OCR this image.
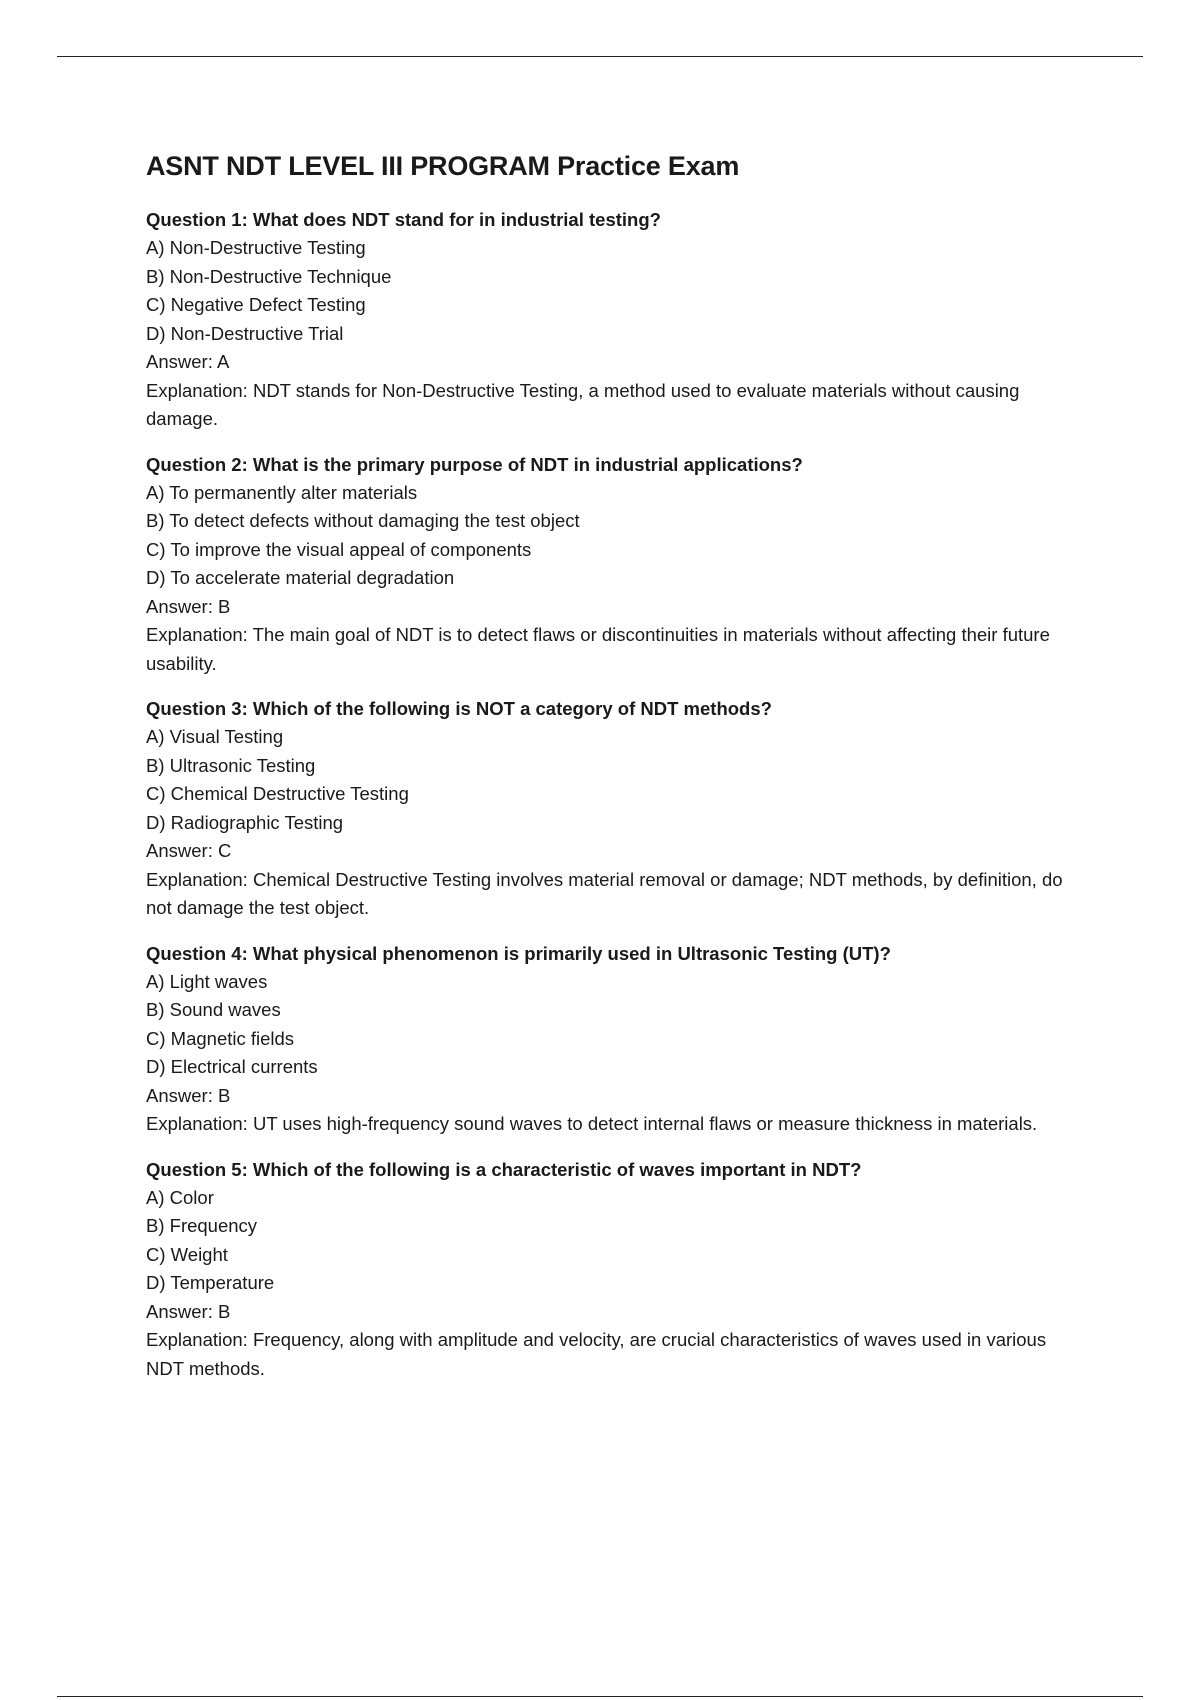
ASNT NDT LEVEL III PROGRAM Practice Exam

Question 1: What does NDT stand for in industrial testing?

A) Non-Destructive Testing

B) Non-Destructive Technique

C) Negative Defect Testing

D) Non-Destructive Trial

Answer: A

Explanation: NDT stands for Non-Destructive Testing, a method used to evaluate materials without causing damage.

Question 2: What is the primary purpose of NDT in industrial applications?

A) To permanently alter materials

B) To detect defects without damaging the test object

C) To improve the visual appeal of components

D) To accelerate material degradation

Answer: B

Explanation: The main goal of NDT is to detect flaws or discontinuities in materials without affecting their future usability.

Question 3: Which of the following is NOT a category of NDT methods?

A) Visual Testing

B) Ultrasonic Testing

C) Chemical Destructive Testing

D) Radiographic Testing

Answer: C

Explanation: Chemical Destructive Testing involves material removal or damage; NDT methods, by definition, do not damage the test object.

Question 4: What physical phenomenon is primarily used in Ultrasonic Testing (UT)?

A) Light waves

B) Sound waves

C) Magnetic fields

D) Electrical currents

Answer: B

Explanation: UT uses high-frequency sound waves to detect internal flaws or measure thickness in materials.

Question 5: Which of the following is a characteristic of waves important in NDT?

A) Color

B) Frequency

C) Weight

D) Temperature

Answer: B

Explanation: Frequency, along with amplitude and velocity, are crucial characteristics of waves used in various NDT methods.
